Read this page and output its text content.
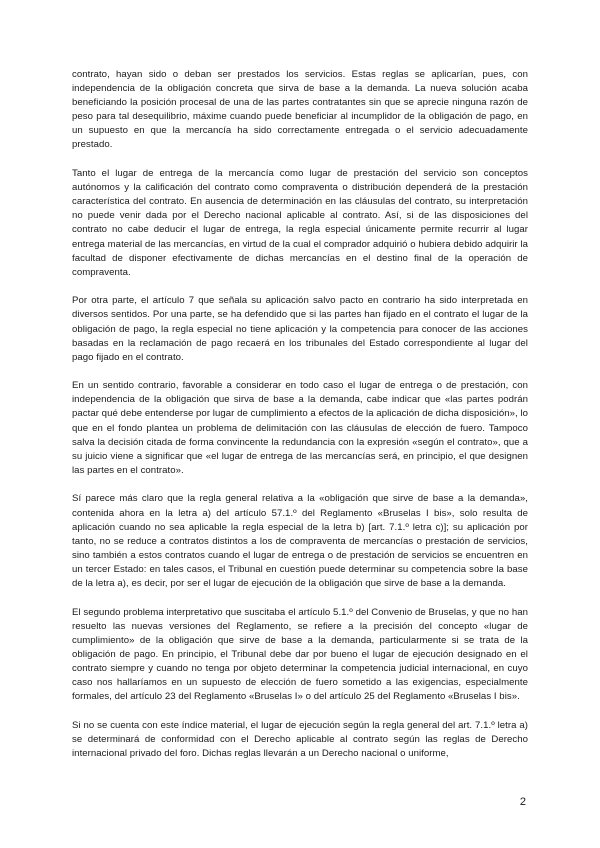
contrato, hayan sido o deban ser prestados los servicios. Estas reglas se aplicarían, pues, con independencia de la obligación concreta que sirva de base a la demanda. La nueva solución acaba beneficiando la posición procesal de una de las partes contratantes sin que se aprecie ninguna razón de peso para tal desequilibrio, máxime cuando puede beneficiar al incumplidor de la obligación de pago, en un supuesto en que la mercancía ha sido correctamente entregada o el servicio adecuadamente prestado.

Tanto el lugar de entrega de la mercancía como lugar de prestación del servicio son conceptos autónomos y la calificación del contrato como compraventa o distribución dependerá de la prestación característica del contrato. En ausencia de determinación en las cláusulas del contrato, su interpretación no puede venir dada por el Derecho nacional aplicable al contrato. Así, si de las disposiciones del contrato no cabe deducir el lugar de entrega, la regla especial únicamente permite recurrir al lugar entrega material de las mercancías, en virtud de la cual el comprador adquirió o hubiera debido adquirir la facultad de disponer efectivamente de dichas mercancías en el destino final de la operación de compraventa.

Por otra parte, el artículo 7 que señala su aplicación salvo pacto en contrario ha sido interpretada en diversos sentidos. Por una parte, se ha defendido que si las partes han fijado en el contrato el lugar de la obligación de pago, la regla especial no tiene aplicación y la competencia para conocer de las acciones basadas en la reclamación de pago recaerá en los tribunales del Estado correspondiente al lugar del pago fijado en el contrato.

En un sentido contrario, favorable a considerar en todo caso el lugar de entrega o de prestación, con independencia de la obligación que sirva de base a la demanda, cabe indicar que «las partes podrán pactar qué debe entenderse por lugar de cumplimiento a efectos de la aplicación de dicha disposición», lo que en el fondo plantea un problema de delimitación con las cláusulas de elección de fuero. Tampoco salva la decisión citada de forma convincente la redundancia con la expresión «según el contrato», que a su juicio viene a significar que «el lugar de entrega de las mercancías será, en principio, el que designen las partes en el contrato».

Sí parece más claro que la regla general relativa a la «obligación que sirve de base a la demanda», contenida ahora en la letra a) del artículo 57.1.º del Reglamento «Bruselas I bis», solo resulta de aplicación cuando no sea aplicable la regla especial de la letra b) [art. 7.1.º letra c)]; su aplicación por tanto, no se reduce a contratos distintos a los de compraventa de mercancías o prestación de servicios, sino también a estos contratos cuando el lugar de entrega o de prestación de servicios se encuentren en un tercer Estado: en tales casos, el Tribunal en cuestión puede determinar su competencia sobre la base de la letra a), es decir, por ser el lugar de ejecución de la obligación que sirve de base a la demanda.

El segundo problema interpretativo que suscitaba el artículo 5.1.º del Convenio de Bruselas, y que no han resuelto las nuevas versiones del Reglamento, se refiere a la precisión del concepto «lugar de cumplimiento» de la obligación que sirve de base a la demanda, particularmente si se trata de la obligación de pago. En principio, el Tribunal debe dar por bueno el lugar de ejecución designado en el contrato siempre y cuando no tenga por objeto determinar la competencia judicial internacional, en cuyo caso nos hallaríamos en un supuesto de elección de fuero sometido a las exigencias, especialmente formales, del artículo 23 del Reglamento «Bruselas I» o del artículo 25 del Reglamento «Bruselas I bis».

Si no se cuenta con este índice material, el lugar de ejecución según la regla general del art. 7.1.º letra a) se determinará de conformidad con el Derecho aplicable al contrato según las reglas de Derecho internacional privado del foro. Dichas reglas llevarán a un Derecho nacional o uniforme,

2
